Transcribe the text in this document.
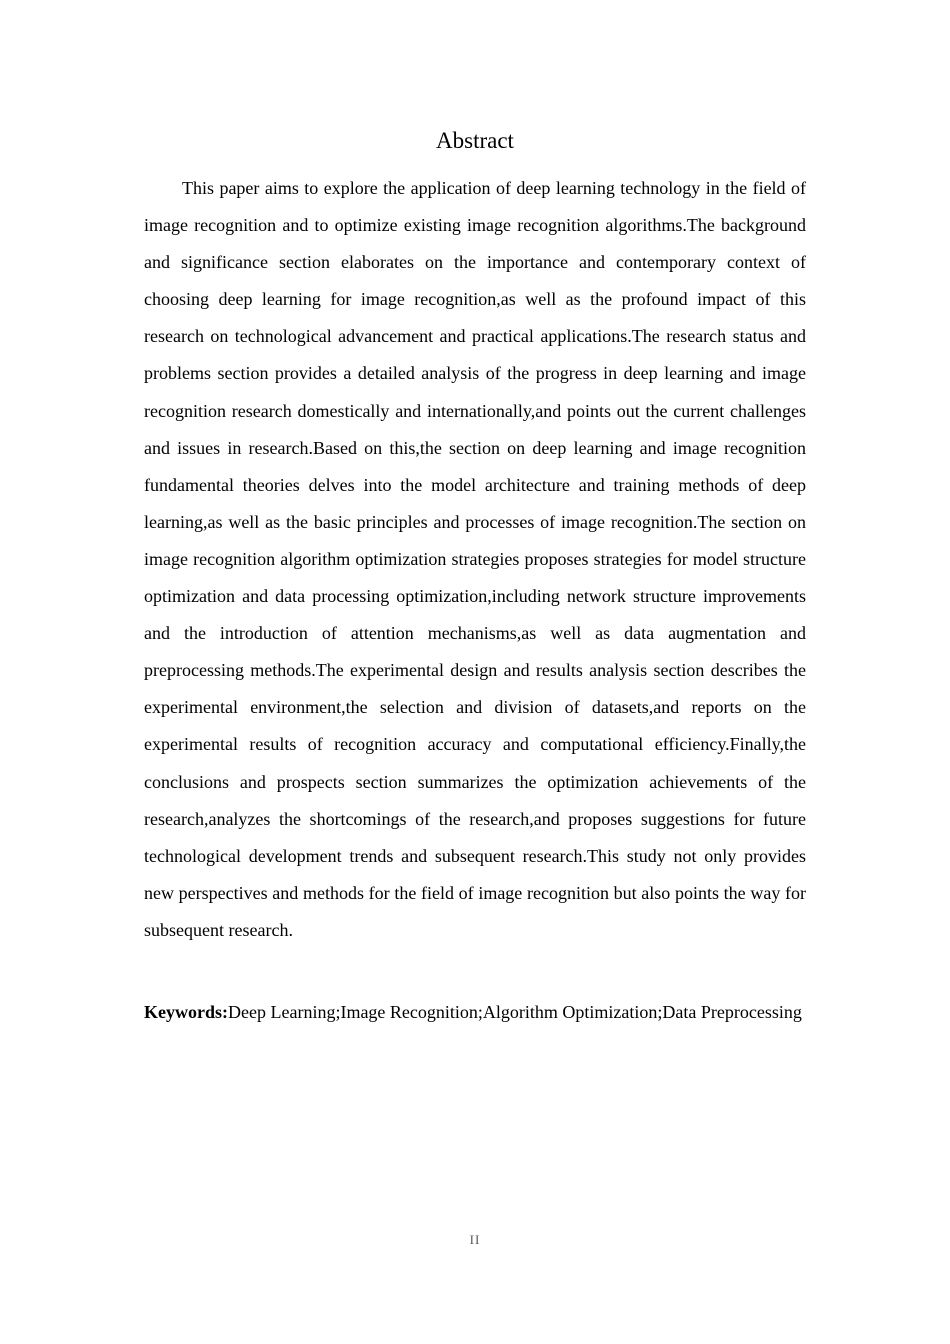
Abstract

This paper aims to explore the application of deep learning technology in the field of image recognition and to optimize existing image recognition algorithms.The background and significance section elaborates on the importance and contemporary context of choosing deep learning for image recognition,as well as the profound impact of this research on technological advancement and practical applications.The research status and problems section provides a detailed analysis of the progress in deep learning and image recognition research domestically and internationally,and points out the current challenges and issues in research.Based on this,the section on deep learning and image recognition fundamental theories delves into the model architecture and training methods of deep learning,as well as the basic principles and processes of image recognition.The section on image recognition algorithm optimization strategies proposes strategies for model structure optimization and data processing optimization,including network structure improvements and the introduction of attention mechanisms,as well as data augmentation and preprocessing methods.The experimental design and results analysis section describes the experimental environment,the selection and division of datasets,and reports on the experimental results of recognition accuracy and computational efficiency.Finally,the conclusions and prospects section summarizes the optimization achievements of the research,analyzes the shortcomings of the research,and proposes suggestions for future technological development trends and subsequent research.This study not only provides new perspectives and methods for the field of image recognition but also points the way for subsequent research.

Keywords:Deep Learning;Image Recognition;Algorithm Optimization;Data Preprocessing

II
